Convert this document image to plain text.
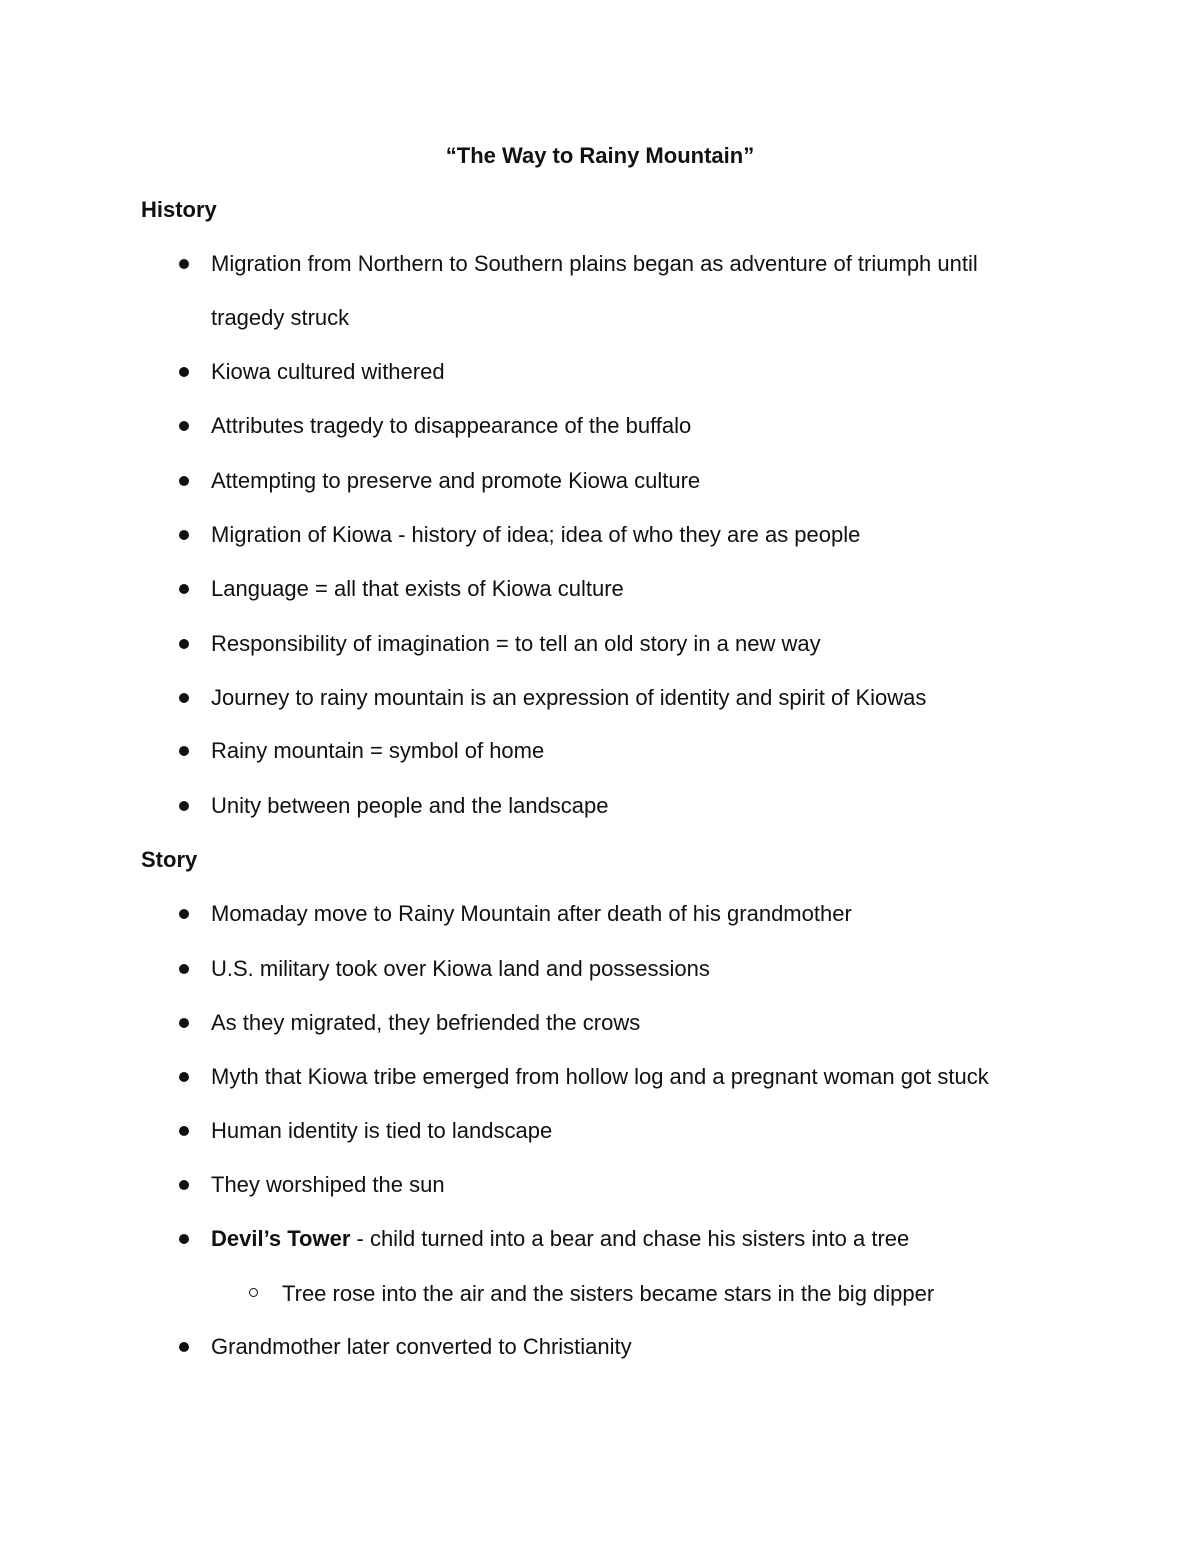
“The Way to Rainy Mountain”
History
Migration from Northern to Southern plains began as adventure of triumph until
tragedy struck
Kiowa cultured withered
Attributes tragedy to disappearance of the buffalo
Attempting to preserve and promote Kiowa culture
Migration of Kiowa - history of idea; idea of who they are as people
Language = all that exists of Kiowa culture
Responsibility of imagination = to tell an old story in a new way
Journey to rainy mountain is an expression of identity and spirit of Kiowas
Rainy mountain = symbol of home
Unity between people and the landscape
Story
Momaday move to Rainy Mountain after death of his grandmother
U.S. military took over Kiowa land and possessions
As they migrated, they befriended the crows
Myth that Kiowa tribe emerged from hollow log and a pregnant woman got stuck
Human identity is tied to landscape
They worshiped the sun
Devil’s Tower - child turned into a bear and chase his sisters into a tree
Tree rose into the air and the sisters became stars in the big dipper
Grandmother later converted to Christianity
